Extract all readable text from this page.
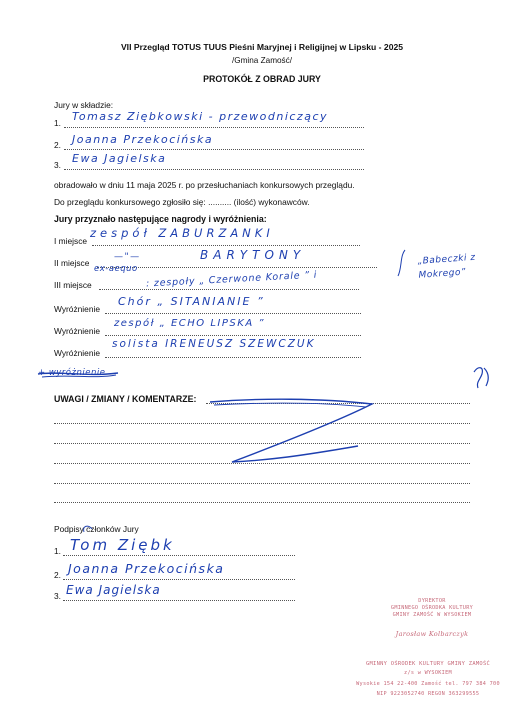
VII Przegląd TOTUS TUUS Pieśni Maryjnej i Religijnej w Lipsku - 2025
/Gmina Zamość/
PROTOKÓŁ Z OBRAD JURY
Jury w składzie:
1. Tomasz Ziębkowski - przewodniczący
2. Joanna Przekocińska
3. Ewa Jagielska
obradowało w dniu 11 maja 2025 r. po przesłuchaniach konkursowych przeglądu.
Do przeglądu konkursowego zgłosiło się: .......... (ilość) wykonawców.
Jury przyznało następujące nagrody i wyróżnienia:
I miejsce
zespół ZABURZANKI
II miejsce
—"—	BARYTONY
III miejsce
ex-aequo
: zespoły „ Czerwone Korale ” i
„Babeczki z Mokrego”
Wyróżnienie
Chór „ SITANIANIE ”
Wyróżnienie
zespół „ ECHO LIPSKA ”
Wyróżnienie
solista IRENEUSZ SZEWCZUK
+ wyróżnienie
UWAGI / ZMIANY / KOMENTARZE:
Podpisy członków Jury
1. Tom Ziębk
2. Joanna Przekocińska
3. Ewa Jagielska
DYREKTOR
GMINNEGO OŚRODKA KULTURY
GMINY ZAMOŚĆ W WYSOKIEM
Jarosław Kolbarczyk
GMINNY OŚRODEK KULTURY GMINY ZAMOŚĆ
z/s w WYSOKIEM
Wysokie 154 22-400 Zamość tel. 797 384 700
NIP 9223052740 REGON 363299555
